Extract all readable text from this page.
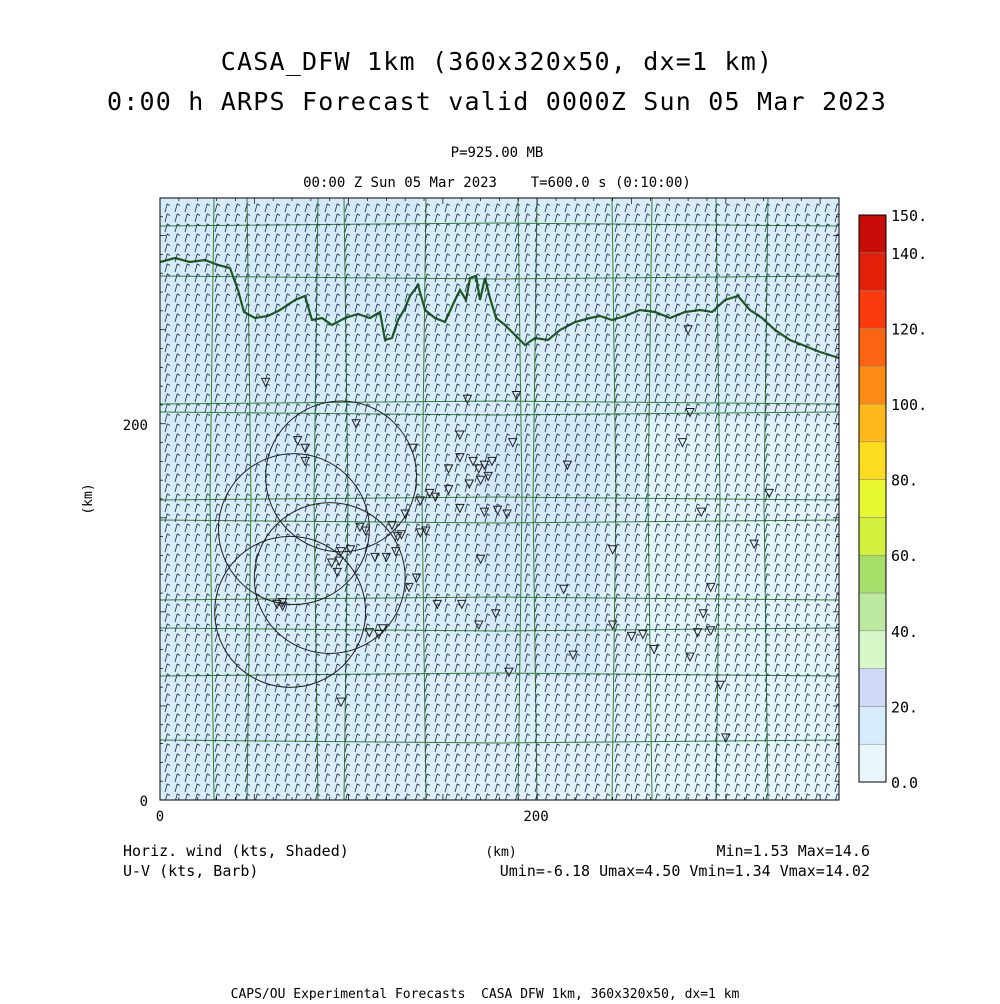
CASA_DFW 1km (360x320x50, dx=1 km)
0:00 h ARPS Forecast valid 0000Z Sun 05 Mar 2023
P=925.00 MB
00:00 Z Sun 05 Mar 2023    T=600.0 s (0:10:00)
0	200
0
200
(km)
0.0
20.
40.
60.
80.
100.
120.
140.
150.
Horiz. wind (kts, Shaded)
U-V (kts, Barb)
(km)	Min=1.53 Max=14.6
Umin=-6.18 Umax=4.50 Vmin=1.34 Vmax=14.02
CAPS/OU Experimental Forecasts  CASA DFW 1km, 360x320x50, dx=1 km
